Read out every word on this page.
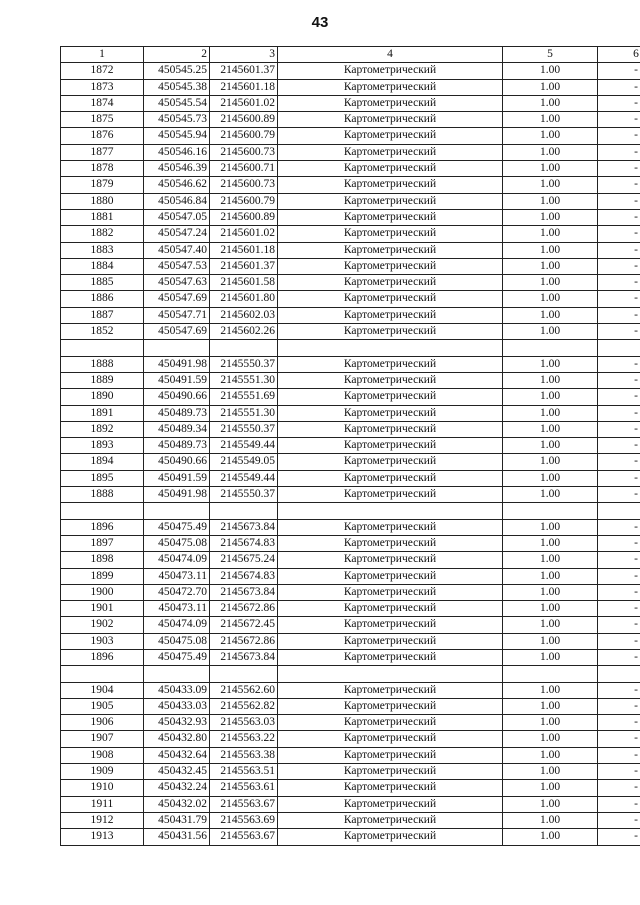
43
1	2	3	4	5	6
1872	450545.25	2145601.37	Картометрический	1.00	-
1873	450545.38	2145601.18	Картометрический	1.00	-
1874	450545.54	2145601.02	Картометрический	1.00	-
1875	450545.73	2145600.89	Картометрический	1.00	-
1876	450545.94	2145600.79	Картометрический	1.00	-
1877	450546.16	2145600.73	Картометрический	1.00	-
1878	450546.39	2145600.71	Картометрический	1.00	-
1879	450546.62	2145600.73	Картометрический	1.00	-
1880	450546.84	2145600.79	Картометрический	1.00	-
1881	450547.05	2145600.89	Картометрический	1.00	-
1882	450547.24	2145601.02	Картометрический	1.00	-
1883	450547.40	2145601.18	Картометрический	1.00	-
1884	450547.53	2145601.37	Картометрический	1.00	-
1885	450547.63	2145601.58	Картометрический	1.00	-
1886	450547.69	2145601.80	Картометрический	1.00	-
1887	450547.71	2145602.03	Картометрический	1.00	-
1852	450547.69	2145602.26	Картометрический	1.00	-

1888	450491.98	2145550.37	Картометрический	1.00	-
1889	450491.59	2145551.30	Картометрический	1.00	-
1890	450490.66	2145551.69	Картометрический	1.00	-
1891	450489.73	2145551.30	Картометрический	1.00	-
1892	450489.34	2145550.37	Картометрический	1.00	-
1893	450489.73	2145549.44	Картометрический	1.00	-
1894	450490.66	2145549.05	Картометрический	1.00	-
1895	450491.59	2145549.44	Картометрический	1.00	-
1888	450491.98	2145550.37	Картометрический	1.00	-

1896	450475.49	2145673.84	Картометрический	1.00	-
1897	450475.08	2145674.83	Картометрический	1.00	-
1898	450474.09	2145675.24	Картометрический	1.00	-
1899	450473.11	2145674.83	Картометрический	1.00	-
1900	450472.70	2145673.84	Картометрический	1.00	-
1901	450473.11	2145672.86	Картометрический	1.00	-
1902	450474.09	2145672.45	Картометрический	1.00	-
1903	450475.08	2145672.86	Картометрический	1.00	-
1896	450475.49	2145673.84	Картометрический	1.00	-

1904	450433.09	2145562.60	Картометрический	1.00	-
1905	450433.03	2145562.82	Картометрический	1.00	-
1906	450432.93	2145563.03	Картометрический	1.00	-
1907	450432.80	2145563.22	Картометрический	1.00	-
1908	450432.64	2145563.38	Картометрический	1.00	-
1909	450432.45	2145563.51	Картометрический	1.00	-
1910	450432.24	2145563.61	Картометрический	1.00	-
1911	450432.02	2145563.67	Картометрический	1.00	-
1912	450431.79	2145563.69	Картометрический	1.00	-
1913	450431.56	2145563.67	Картометрический	1.00	-
